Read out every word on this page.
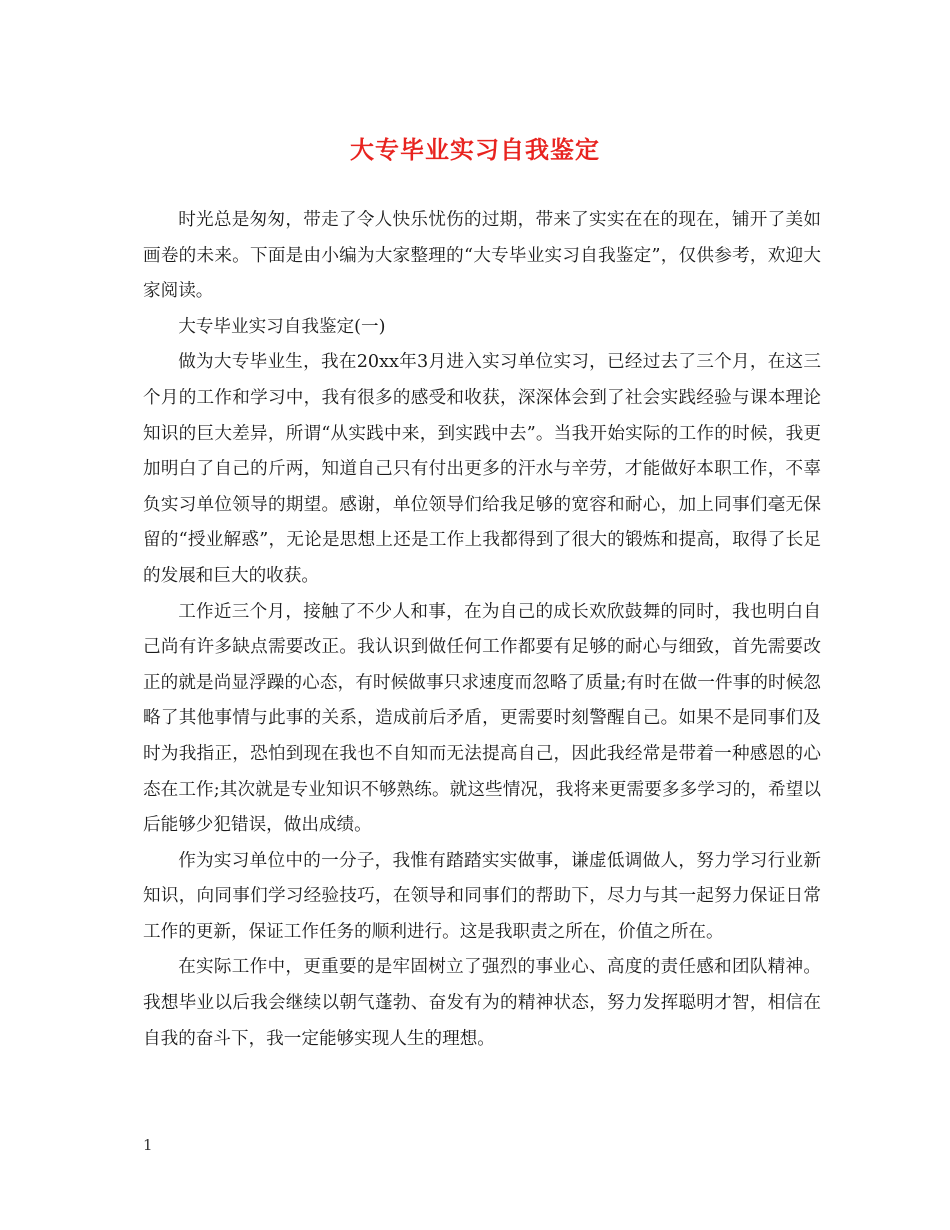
大专毕业实习自我鉴定

时光总是匆匆，带走了令人快乐忧伤的过期，带来了实实在在的现在，铺开了美如画卷的未来。下面是由小编为大家整理的“大专毕业实习自我鉴定”，仅供参考，欢迎大家阅读。

大专毕业实习自我鉴定(一)

做为大专毕业生，我在20xx年3月进入实习单位实习，已经过去了三个月，在这三个月的工作和学习中，我有很多的感受和收获，深深体会到了社会实践经验与课本理论知识的巨大差异，所谓“从实践中来，到实践中去”。当我开始实际的工作的时候，我更加明白了自己的斤两，知道自己只有付出更多的汗水与辛劳，才能做好本职工作，不辜负实习单位领导的期望。感谢，单位领导们给我足够的宽容和耐心，加上同事们毫无保留的“授业解惑”，无论是思想上还是工作上我都得到了很大的锻炼和提高，取得了长足的发展和巨大的收获。

工作近三个月，接触了不少人和事，在为自己的成长欢欣鼓舞的同时，我也明白自己尚有许多缺点需要改正。我认识到做任何工作都要有足够的耐心与细致，首先需要改正的就是尚显浮躁的心态，有时候做事只求速度而忽略了质量;有时在做一件事的时候忽略了其他事情与此事的关系，造成前后矛盾，更需要时刻警醒自己。如果不是同事们及时为我指正，恐怕到现在我也不自知而无法提高自己，因此我经常是带着一种感恩的心态在工作;其次就是专业知识不够熟练。就这些情况，我将来更需要多多学习的，希望以后能够少犯错误，做出成绩。

作为实习单位中的一分子，我惟有踏踏实实做事，谦虚低调做人，努力学习行业新知识，向同事们学习经验技巧，在领导和同事们的帮助下，尽力与其一起努力保证日常工作的更新，保证工作任务的顺利进行。这是我职责之所在，价值之所在。

在实际工作中，更重要的是牢固树立了强烈的事业心、高度的责任感和团队精神。我想毕业以后我会继续以朝气蓬勃、奋发有为的精神状态，努力发挥聪明才智，相信在自我的奋斗下，我一定能够实现人生的理想。

1
